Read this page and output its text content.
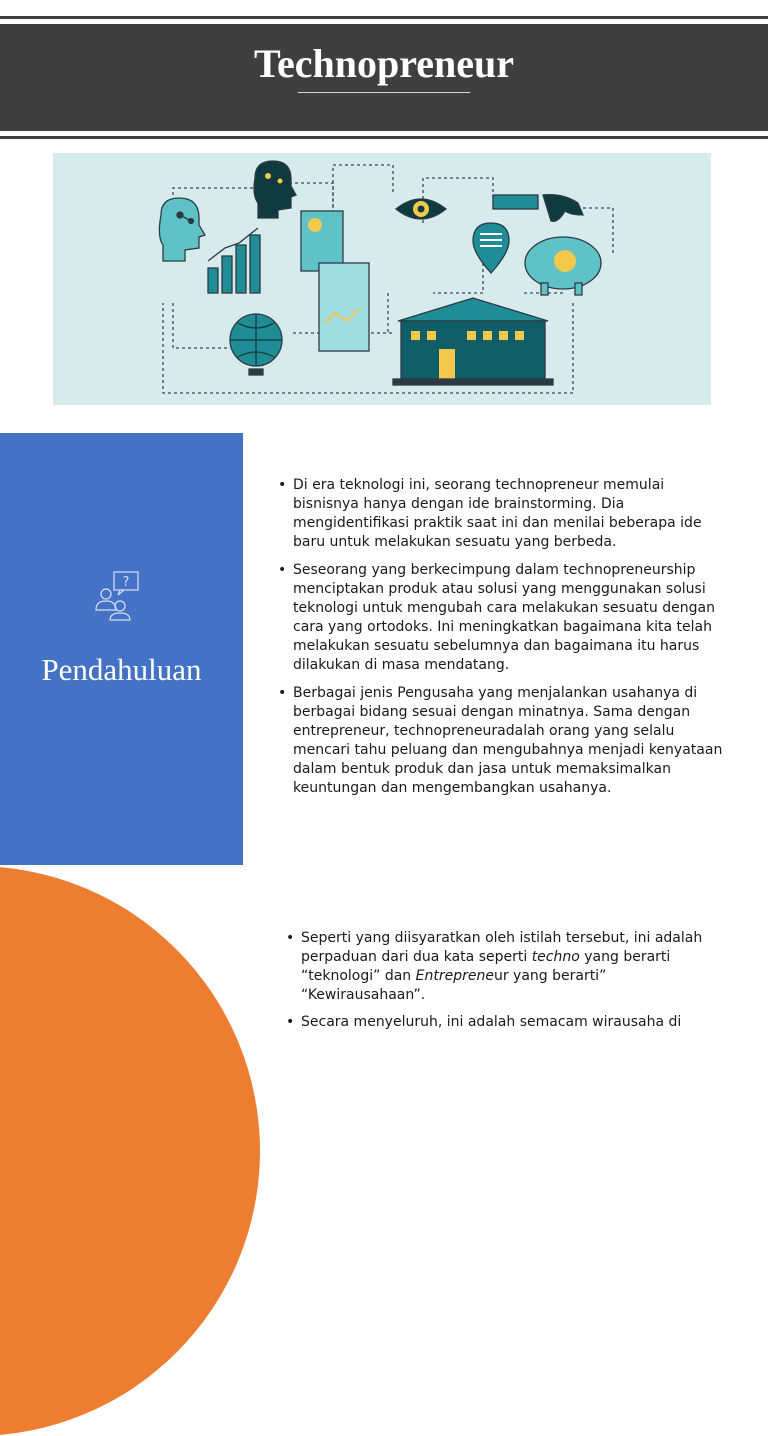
Technopreneur
?
Pendahuluan
• Di era teknologi ini, seorang technopreneur memulai bisnisnya hanya dengan ide brainstorming. Dia mengidentifikasi praktik saat ini dan menilai beberapa ide baru untuk melakukan sesuatu yang berbeda.
• Seseorang yang berkecimpung dalam technopreneurship menciptakan produk atau solusi yang menggunakan solusi teknologi untuk mengubah cara melakukan sesuatu dengan cara yang ortodoks. Ini meningkatkan bagaimana kita telah melakukan sesuatu sebelumnya dan bagaimana itu harus dilakukan di masa mendatang.
• Berbagai jenis Pengusaha yang menjalankan usahanya di berbagai bidang sesuai dengan minatnya. Sama dengan entrepreneur, technopreneuradalah orang yang selalu mencari tahu peluang dan mengubahnya menjadi kenyataan dalam bentuk produk dan jasa untuk memaksimalkan keuntungan dan mengembangkan usahanya.
• Seperti yang diisyaratkan oleh istilah tersebut, ini adalah perpaduan dari dua kata seperti techno yang berarti “teknologi” dan Entrepreneur yang berarti” “Kewirausahaan”.
• Secara menyeluruh, ini adalah semacam wirausaha di
